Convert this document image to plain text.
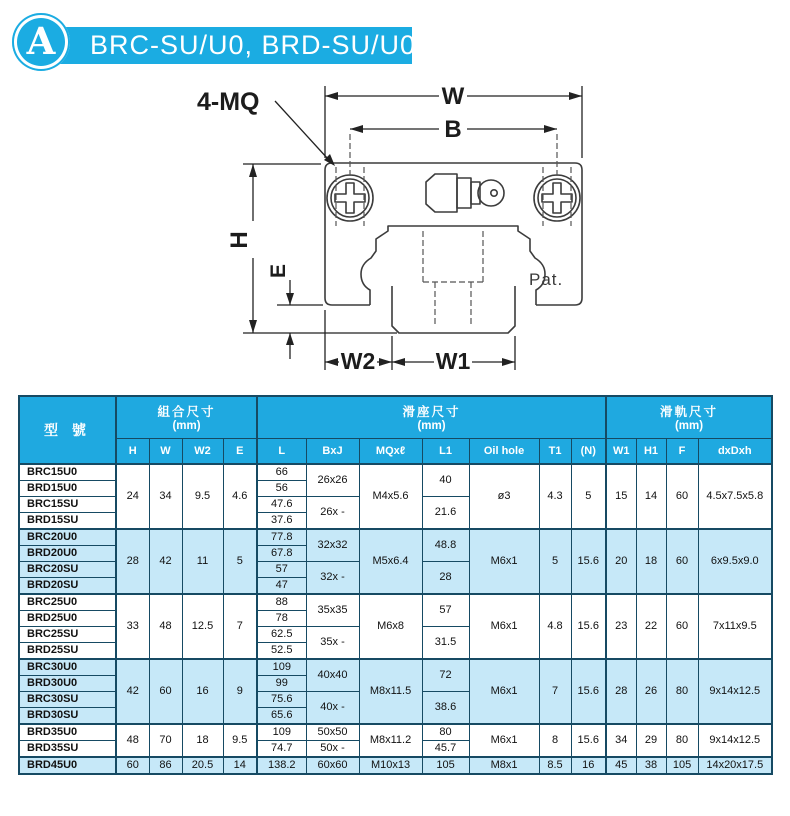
BRC-SU/U0, BRD-SU/U0
A
4-MQ	W
B
H
E
W2	W1
Pat.
型 號	
組合尺寸
(mm)

滑座尺寸
(mm)

滑軌尺寸
(mm)

	H	W	W2	E	L	BxJ	MQxℓ	L1	Oil hole	T1	(N)	W1	H1	F	dxDxh
BRC15U0	24	34	9.5	4.6	66	26x26	M4x5.6	40	ø3	4.3	5	15	14	60	4.5x7.5x5.8
BRD15U0					56										
BRC15SU					47.6	26x -		21.6							
BRD15SU					37.6										
BRC20U0	28	42	11	5	77.8	32x32	M5x6.4	48.8	M6x1	5	15.6	20	18	60	6x9.5x9.0
BRD20U0					67.8										
BRC20SU					57	32x -		28							
BRD20SU					47										
BRC25U0	33	48	12.5	7	88	35x35	M6x8	57	M6x1	4.8	15.6	23	22	60	7x11x9.5
BRD25U0					78										
BRC25SU					62.5	35x -		31.5							
BRD25SU					52.5										
BRC30U0	42	60	16	9	109	40x40	M8x11.5	72	M6x1	7	15.6	28	26	80	9x14x12.5
BRD30U0					99										
BRC30SU					75.6	40x -		38.6							
BRD30SU					65.6										
BRD35U0	48	70	18	9.5	109	50x50	M8x11.2	80	M6x1	8	15.6	34	29	80	9x14x12.5
BRD35SU					74.7	50x -		45.7							
BRD45U0	60	86	20.5	14	138.2	60x60	M10x13	105	M8x1	8.5	16	45	38	105	14x20x17.5
